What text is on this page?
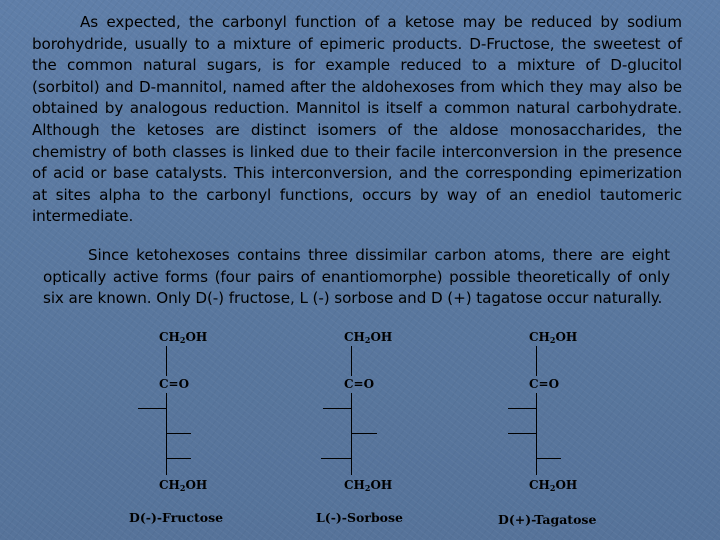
As expected, the carbonyl function of a ketose may be reduced by sodium borohydride, usually to a mixture of epimeric products. D-Fructose, the sweetest of the common natural sugars, is for example reduced to a mixture of D-glucitol (sorbitol) and D-mannitol, named after the aldohexoses from which they may also be obtained by analogous reduction. Mannitol is itself a common natural carbohydrate. Although the ketoses are distinct isomers of the aldose monosaccharides, the chemistry of both classes is linked due to their facile interconversion in the presence of acid or base catalysts. This interconversion, and the corresponding epimerization at sites alpha to the carbonyl functions, occurs by way of an enediol tautomeric intermediate.

Since ketohexoses contains three dissimilar carbon atoms, there are eight optically active forms (four pairs of enantiomorphe) possible theoretically of only six are known. Only D(-) fructose, L (-) sorbose and D (+) tagatose occur naturally.

$CH_2OH$
C=O
$CH_2OH$
D(-)-Fructose
$CH_2OH$
C=O
$CH_2OH$
L(-)-Sorbose
$CH_2OH$
C=O
$CH_2OH$
D(+)-Tagatose
